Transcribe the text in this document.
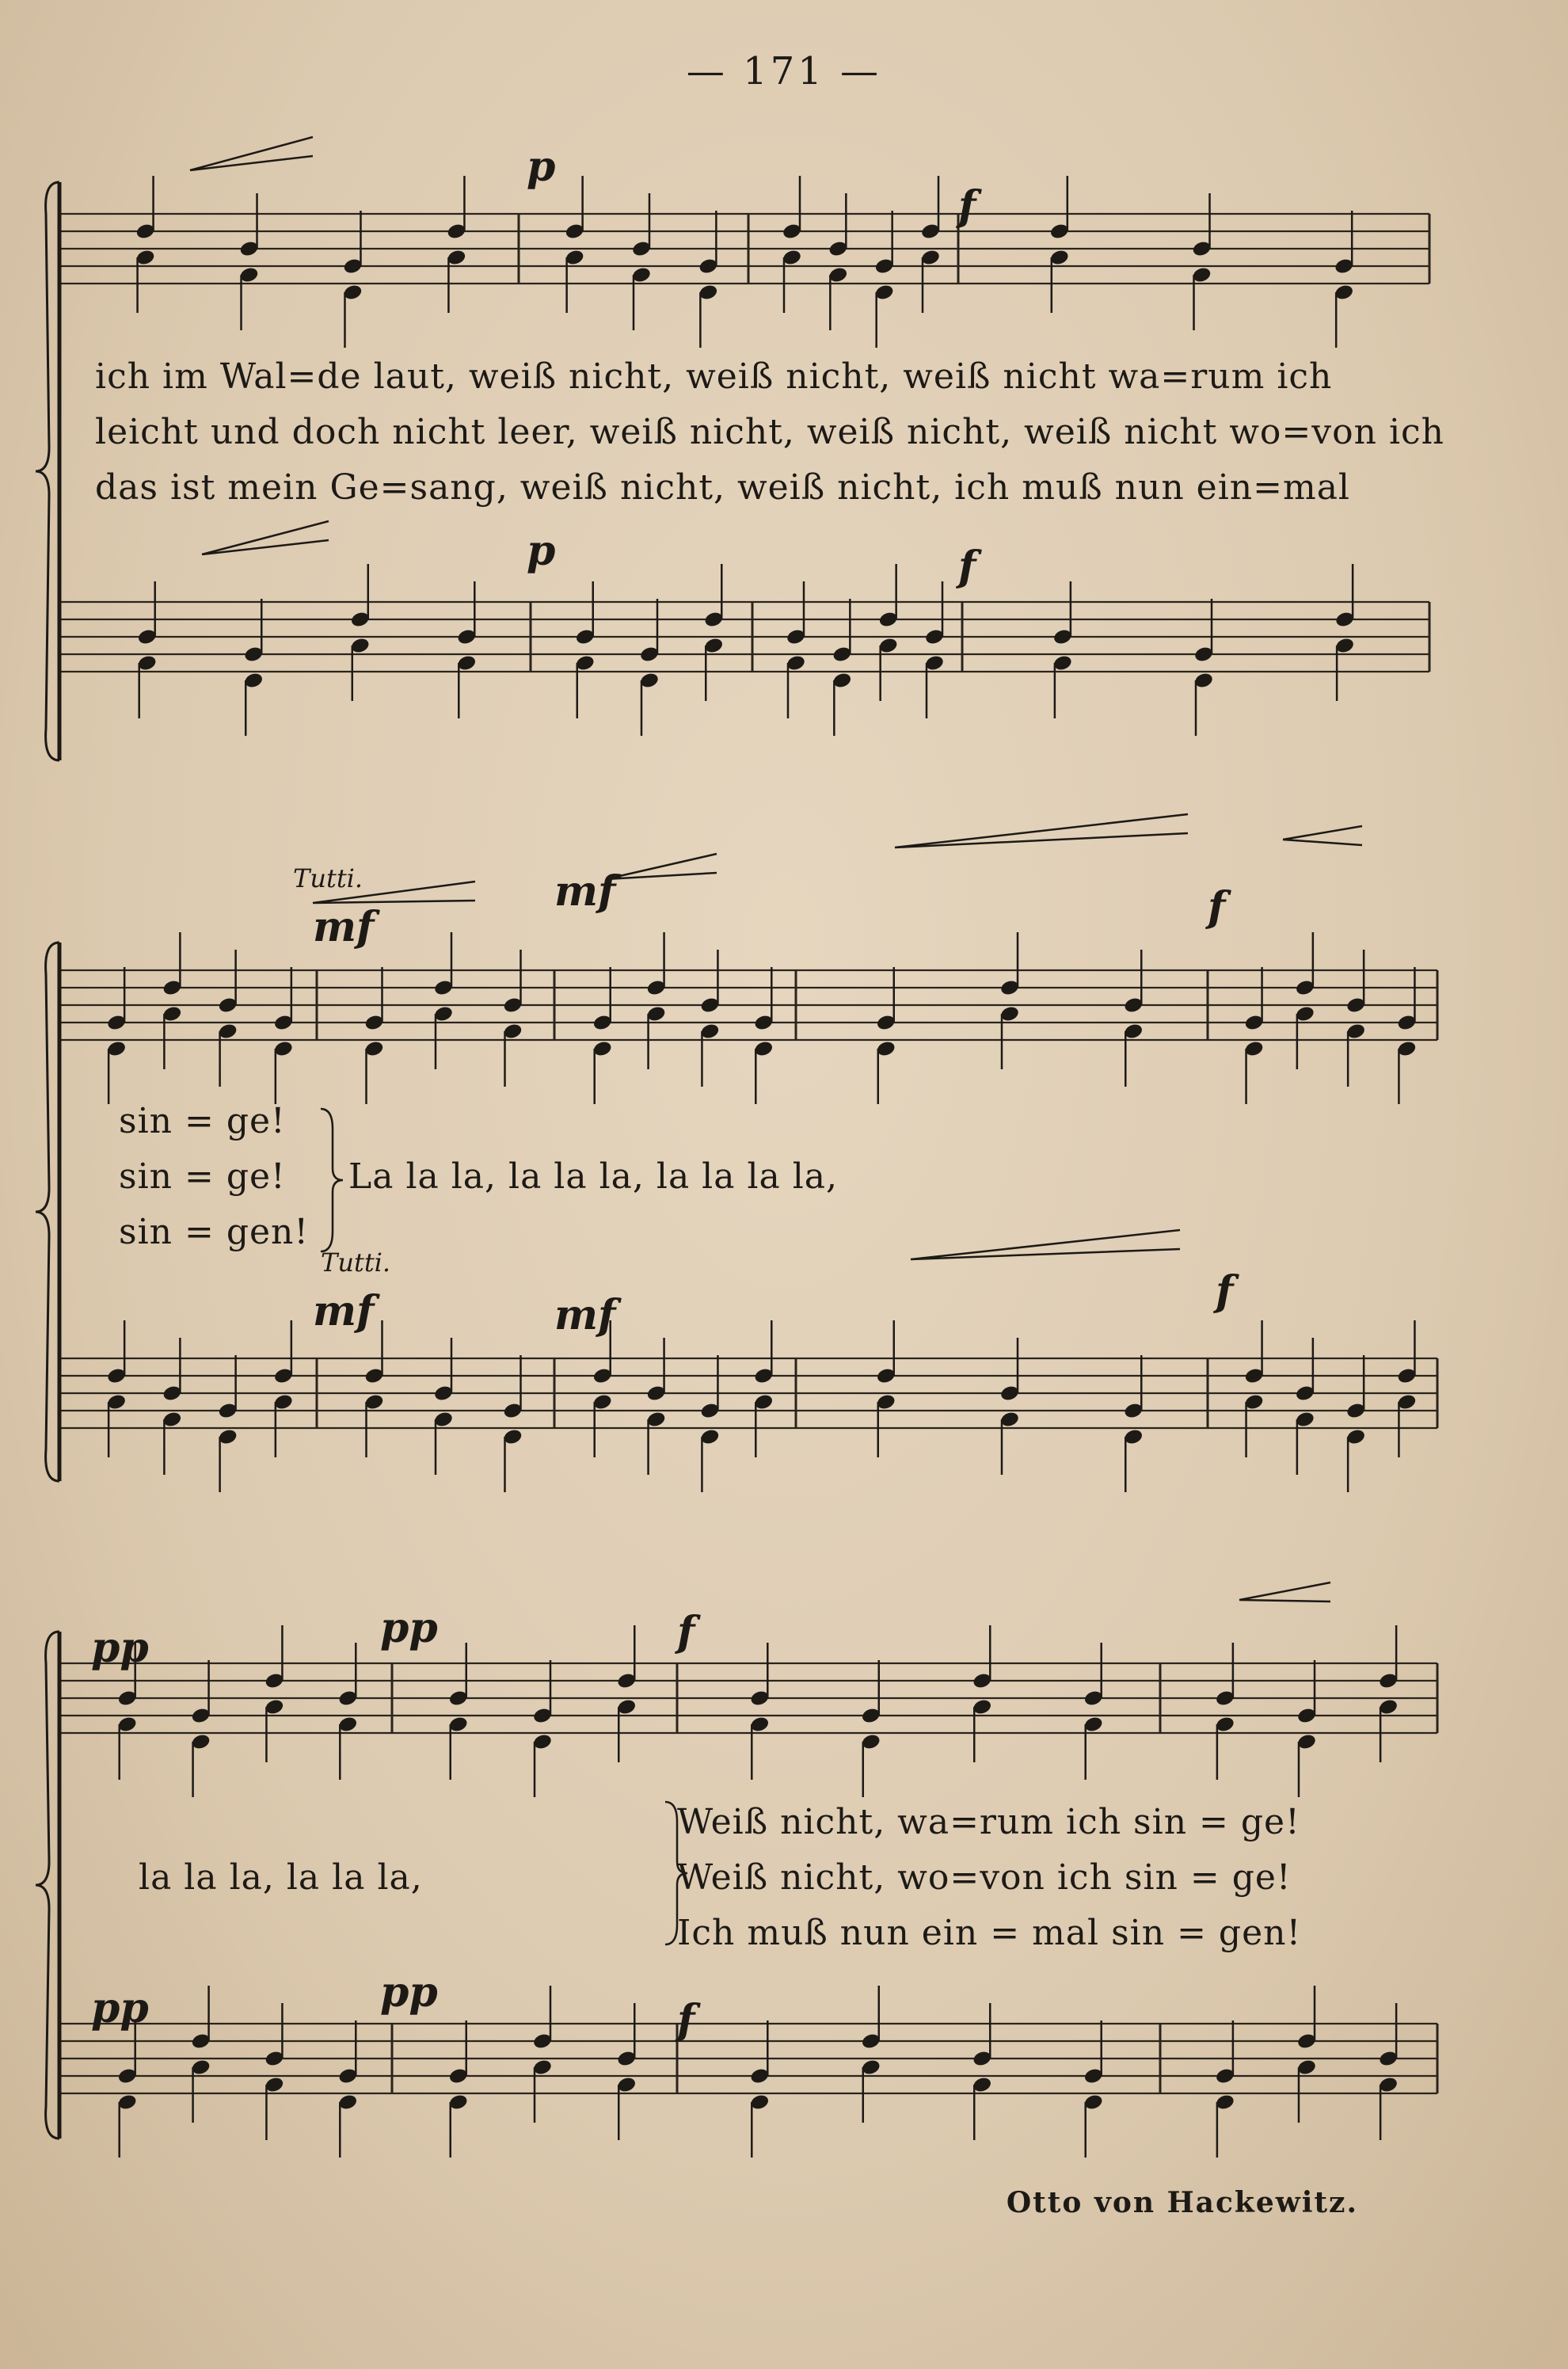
— 171 —
p
f
p	f
ich im Wal=de laut, weiß nicht, weiß nicht, weiß nicht wa=rum ich
leicht und doch nicht leer, weiß nicht, weiß nicht, weiß nicht wo=von ich
das ist mein Ge=sang, weiß nicht, weiß nicht, ich muß nun ein=mal
Tutti.
mf
mf	f
sin = ge!
sin = ge!
sin = gen!
La la la, la la la, la la la la,
Tutti.
mf	mf	f
pp	pp	f
la la la, la la la,
Weiß nicht, wa=rum ich sin = ge!
Weiß nicht, wo=von ich sin = ge!
Ich muß nun ein = mal sin = gen!
pp	pp
f
Otto von Hackewitz.
